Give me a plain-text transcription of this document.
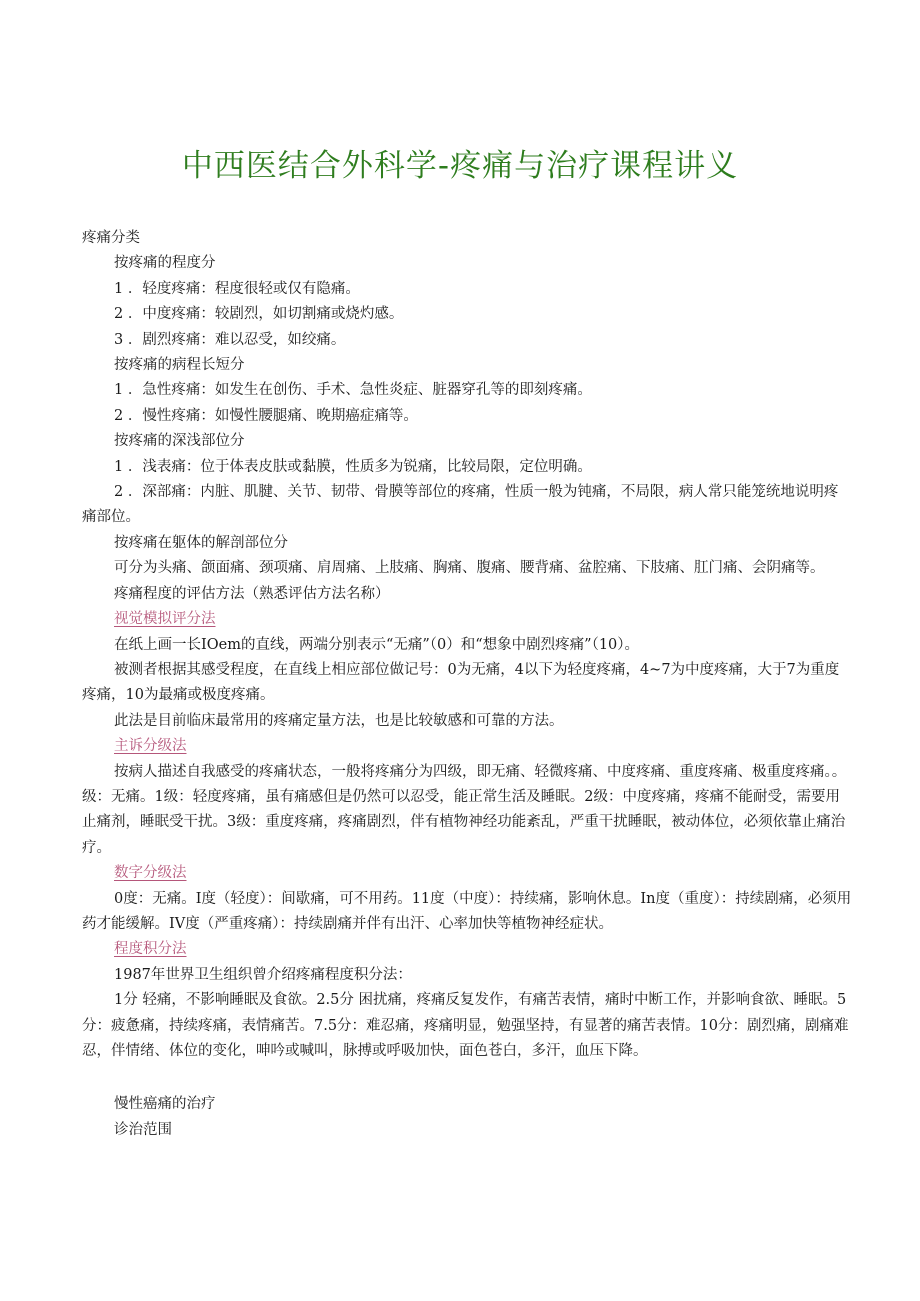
中西医结合外科学-疼痛与治疗课程讲义

疼痛分类

按疼痛的程度分

1 ．轻度疼痛：程度很轻或仅有隐痛。

2 ．中度疼痛：较剧烈，如切割痛或烧灼感。

3 ．剧烈疼痛：难以忍受，如绞痛。

按疼痛的病程长短分

1 ．急性疼痛：如发生在创伤、手术、急性炎症、脏器穿孔等的即刻疼痛。

2 ．慢性疼痛：如慢性腰腿痛、晚期癌症痛等。

按疼痛的深浅部位分

1 ．浅表痛：位于体表皮肤或黏膜，性质多为锐痛，比较局限，定位明确。

2 ．深部痛：内脏、肌腱、关节、韧带、骨膜等部位的疼痛，性质一般为钝痛，不局限，病人常只能笼统地说明疼痛部位。

按疼痛在躯体的解剖部位分

可分为头痛、颌面痛、颈项痛、肩周痛、上肢痛、胸痛、腹痛、腰背痛、盆腔痛、下肢痛、肛门痛、会阴痛等。

疼痛程度的评估方法（熟悉评估方法名称）

视觉模拟评分法

在纸上画一长IOem的直线，两端分别表示“无痛”（0）和“想象中剧烈疼痛”（10）。

被测者根据其感受程度，在直线上相应部位做记号：0为无痛，4以下为轻度疼痛，4~7为中度疼痛，大于7为重度疼痛，10为最痛或极度疼痛。

此法是目前临床最常用的疼痛定量方法，也是比较敏感和可靠的方法。

主诉分级法

按病人描述自我感受的疼痛状态，一般将疼痛分为四级，即无痛、轻微疼痛、中度疼痛、重度疼痛、极重度疼痛。。级：无痛。1级：轻度疼痛，虽有痛感但是仍然可以忍受，能正常生活及睡眠。2级：中度疼痛，疼痛不能耐受，需要用止痛剂，睡眠受干扰。3级：重度疼痛，疼痛剧烈，伴有植物神经功能紊乱，严重干扰睡眠，被动体位，必须依靠止痛治疗。

数字分级法

0度：无痛。I度（轻度）：间歇痛，可不用药。11度（中度）：持续痛，影响休息。In度（重度）：持续剧痛，必须用药才能缓解。IV度（严重疼痛）：持续剧痛并伴有出汗、心率加快等植物神经症状。

程度积分法

1987年世界卫生组织曾介绍疼痛程度积分法：

1分 轻痛，不影响睡眠及食欲。2.5分 困扰痛，疼痛反复发作，有痛苦表情，痛时中断工作，并影响食欲、睡眠。5分：疲惫痛，持续疼痛，表情痛苦。7.5分：难忍痛，疼痛明显，勉强坚持，有显著的痛苦表情。10分：剧烈痛，剧痛难忍，伴情绪、体位的变化，呻吟或喊叫，脉搏或呼吸加快，面色苍白，多汗，血压下降。

慢性癌痛的治疗

诊治范围
